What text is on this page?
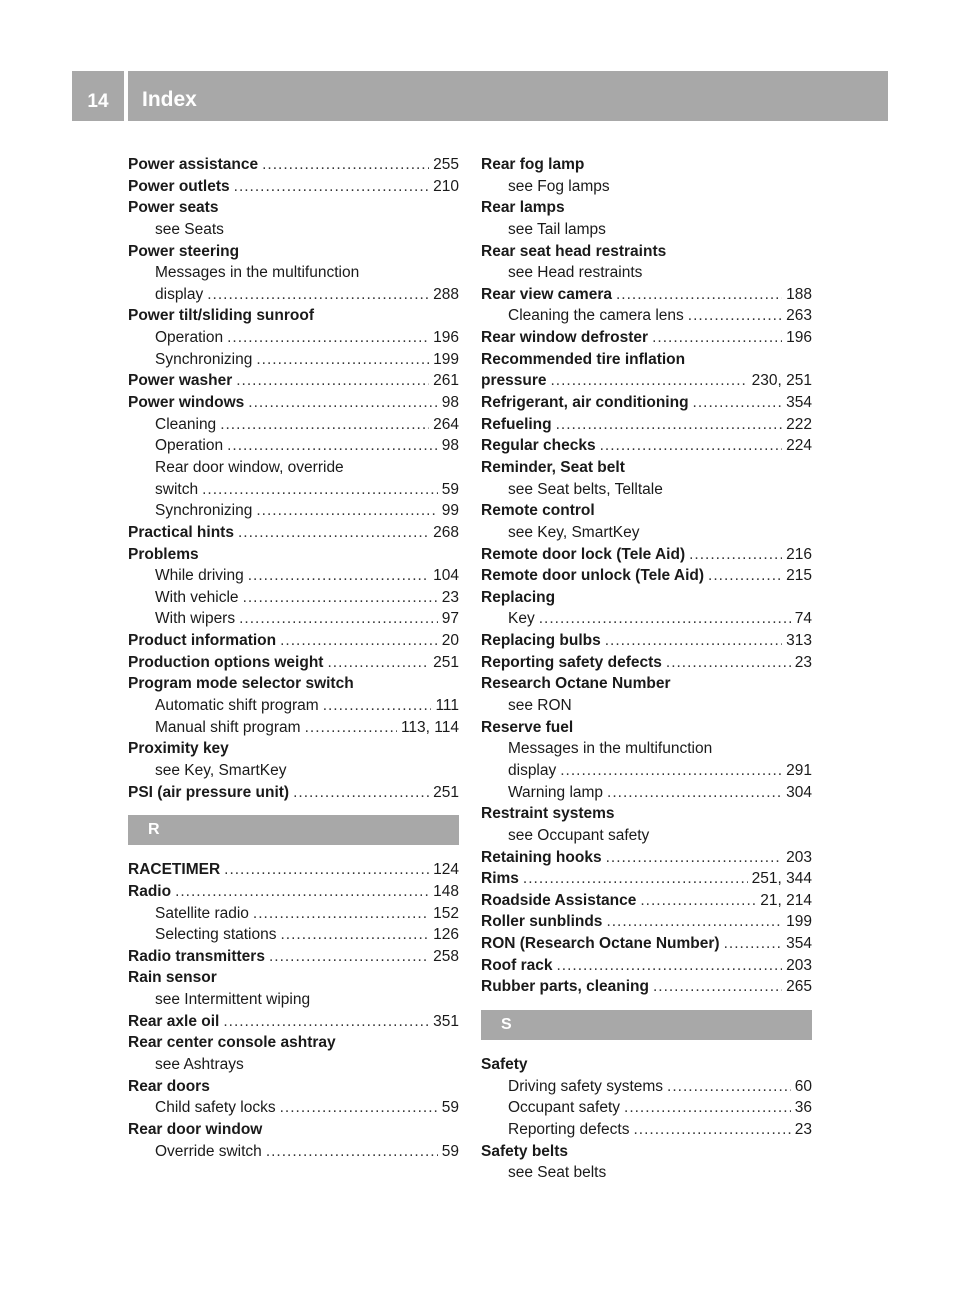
14	Index
Power assistance .....	255
Power outlets .....	210
Power seats
see Seats
Power steering
Messages in the multifunction
display .....	288
Power tilt/sliding sunroof
Operation .....	196
Synchronizing .....	199
Power washer .....	261
Power windows .....	98
Cleaning .....	264
Operation .....	98
Rear door window, override
switch .....	59
Synchronizing .....	99
Practical hints .....	268
Problems
While driving .....	104
With vehicle .....	23
With wipers .....	97
Product information .....	20
Production options weight .....	251
Program mode selector switch
Automatic shift program .....	111
Manual shift program .....	113, 114
Proximity key
see Key, SmartKey
PSI (air pressure unit) .....	251
R
RACETIMER .....	124
Radio .....	148
Satellite radio .....	152
Selecting stations .....	126
Radio transmitters .....	258
Rain sensor
see Intermittent wiping
Rear axle oil .....	351
Rear center console ashtray
see Ashtrays
Rear doors
Child safety locks .....	59
Rear door window
Override switch .....	59
Rear fog lamp
see Fog lamps
Rear lamps
see Tail lamps
Rear seat head restraints
see Head restraints
Rear view camera .....	188
Cleaning the camera lens .....	263
Rear window defroster .....	196
Recommended tire inflation
pressure .....	230, 251
Refrigerant, air conditioning .....	354
Refueling .....	222
Regular checks .....	224
Reminder, Seat belt
see Seat belts, Telltale
Remote control
see Key, SmartKey
Remote door lock (Tele Aid) .....	216
Remote door unlock (Tele Aid) .....	215
Replacing
Key .....	74
Replacing bulbs .....	313
Reporting safety defects .....	23
Research Octane Number
see RON
Reserve fuel
Messages in the multifunction
display .....	291
Warning lamp .....	304
Restraint systems
see Occupant safety
Retaining hooks .....	203
Rims .....	251, 344
Roadside Assistance .....	21, 214
Roller sunblinds .....	199
RON (Research Octane Number) .....	354
Roof rack .....	203
Rubber parts, cleaning .....	265
S
Safety
Driving safety systems .....	60
Occupant safety .....	36
Reporting defects .....	23
Safety belts
see Seat belts
